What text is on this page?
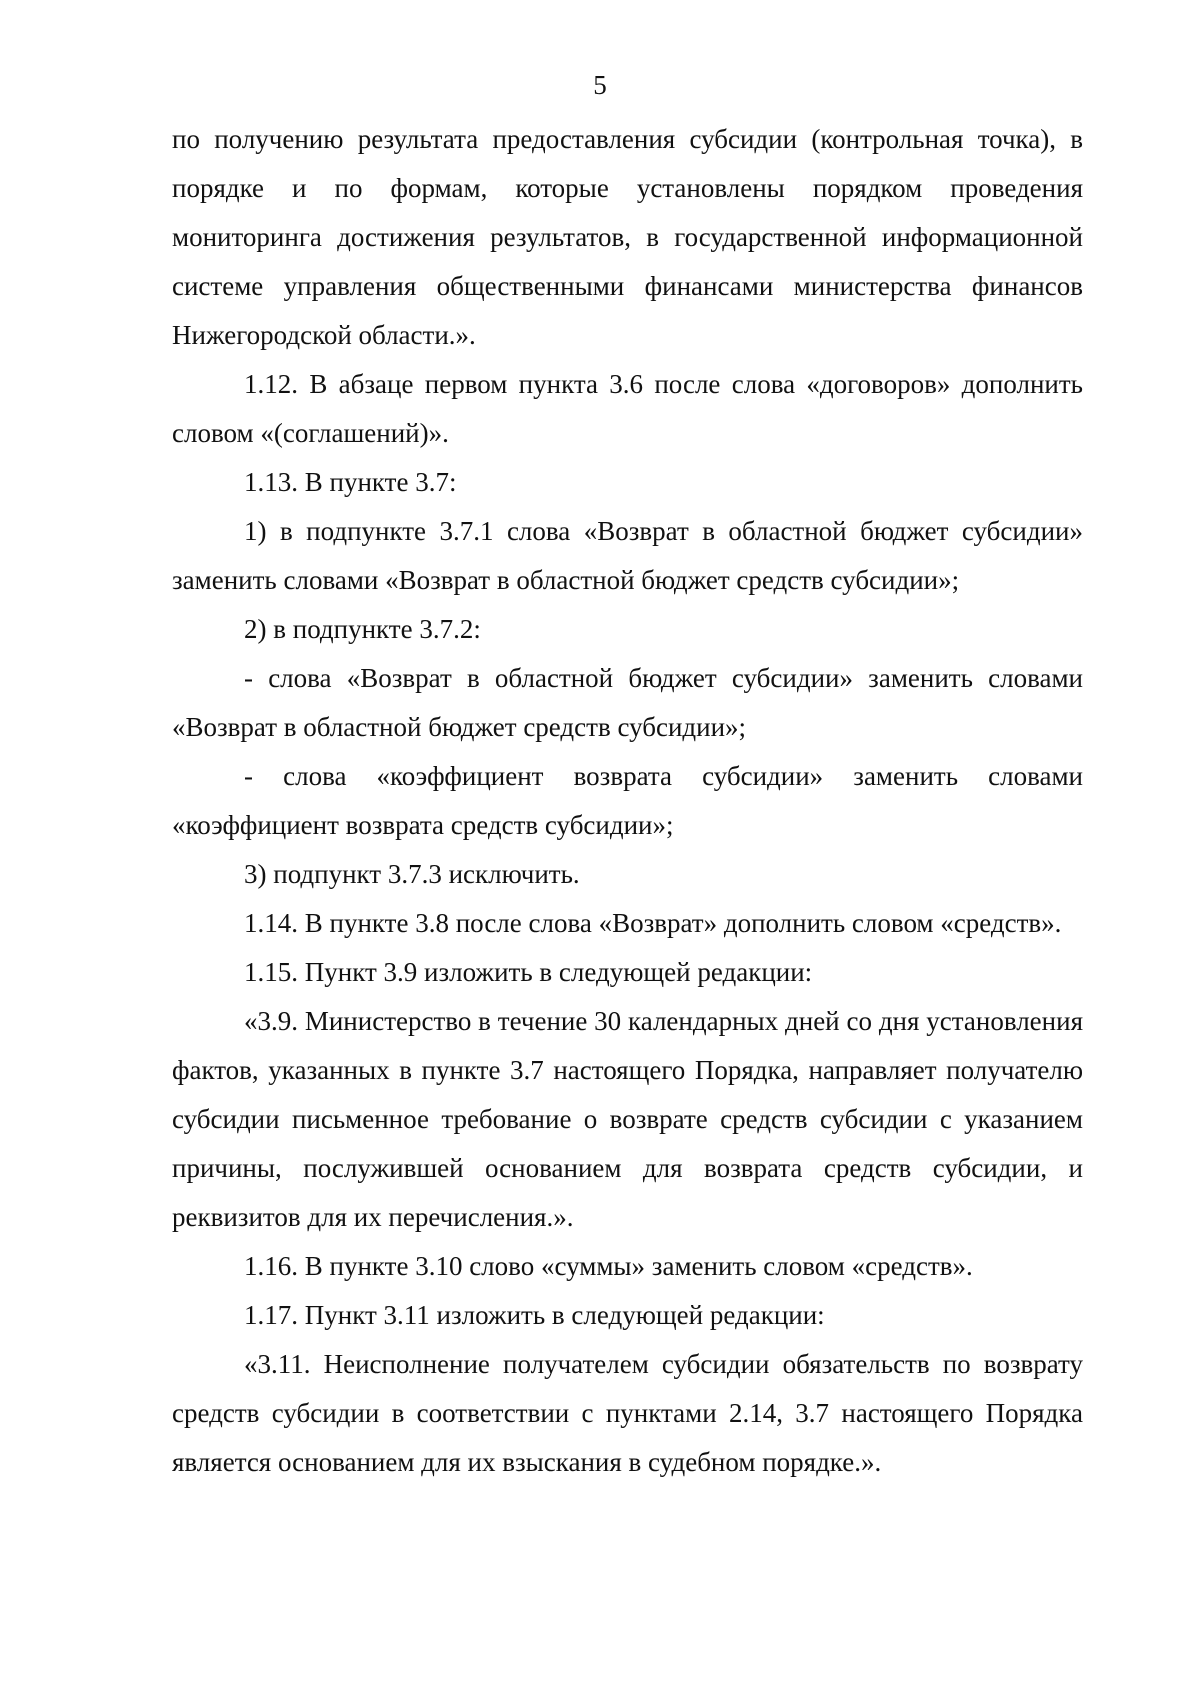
5

по получению результата предоставления субсидии (контрольная точка), в порядке и по формам, которые установлены порядком проведения мониторинга достижения результатов, в государственной информационной системе управления общественными финансами министерства финансов Нижегородской области.».

1.12. В абзаце первом пункта 3.6 после слова «договоров» дополнить словом «(соглашений)».

1.13. В пункте 3.7:

1) в подпункте 3.7.1 слова «Возврат в областной бюджет субсидии» заменить словами «Возврат в областной бюджет средств субсидии»;

2) в подпункте 3.7.2:

- слова «Возврат в областной бюджет субсидии» заменить словами «Возврат в областной бюджет средств субсидии»;

- слова «коэффициент возврата субсидии» заменить словами «коэффициент возврата средств субсидии»;

3) подпункт 3.7.3 исключить.

1.14. В пункте 3.8 после слова «Возврат» дополнить словом «средств».

1.15. Пункт 3.9 изложить в следующей редакции:

«3.9. Министерство в течение 30 календарных дней со дня установления фактов, указанных в пункте 3.7 настоящего Порядка, направляет получателю субсидии письменное требование о возврате средств субсидии с указанием причины, послужившей основанием для возврата средств субсидии, и реквизитов для их перечисления.».

1.16. В пункте 3.10 слово «суммы» заменить словом «средств».

1.17. Пункт 3.11 изложить в следующей редакции:

«3.11. Неисполнение получателем субсидии обязательств по возврату средств субсидии в соответствии с пунктами 2.14, 3.7 настоящего Порядка является основанием для их взыскания в судебном порядке.».
